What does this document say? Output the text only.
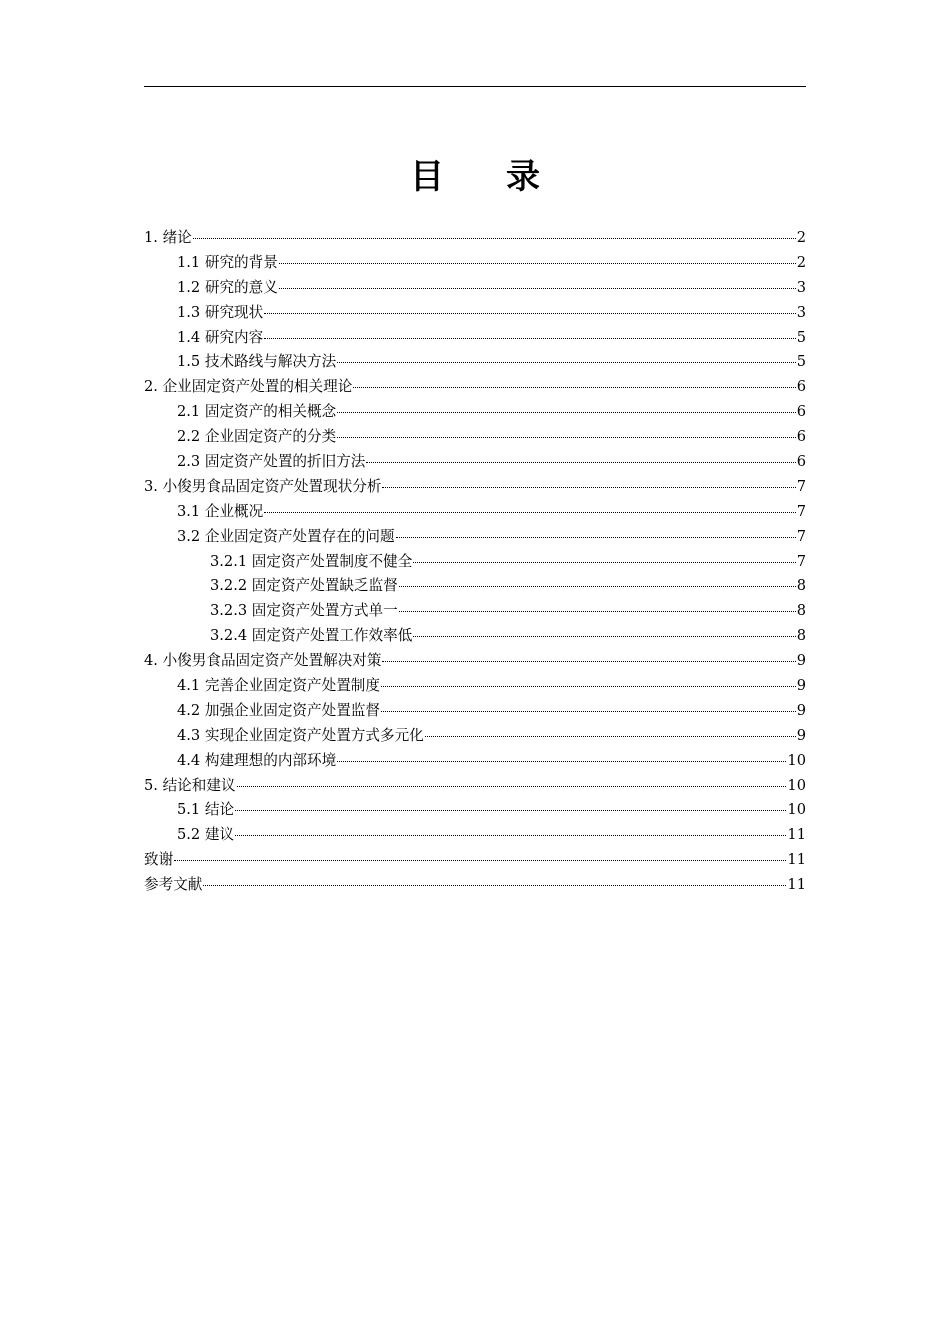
目 录
1. 绪论	2
1.1 研究的背景	2
1.2 研究的意义	3
1.3 研究现状	3
1.4 研究内容	5
1.5 技术路线与解决方法	5
2. 企业固定资产处置的相关理论	6
2.1 固定资产的相关概念	6
2.2 企业固定资产的分类	6
2.3 固定资产处置的折旧方法	6
3. 小俊男食品固定资产处置现状分析	7
3.1 企业概况	7
3.2 企业固定资产处置存在的问题	7
3.2.1 固定资产处置制度不健全	7
3.2.2 固定资产处置缺乏监督	8
3.2.3 固定资产处置方式单一	8
3.2.4 固定资产处置工作效率低	8
4. 小俊男食品固定资产处置解决对策	9
4.1 完善企业固定资产处置制度	9
4.2 加强企业固定资产处置监督	9
4.3 实现企业固定资产处置方式多元化	9
4.4 构建理想的内部环境	10
5. 结论和建议	10
5.1 结论	10
5.2 建议	11
致谢	11
参考文献	11
